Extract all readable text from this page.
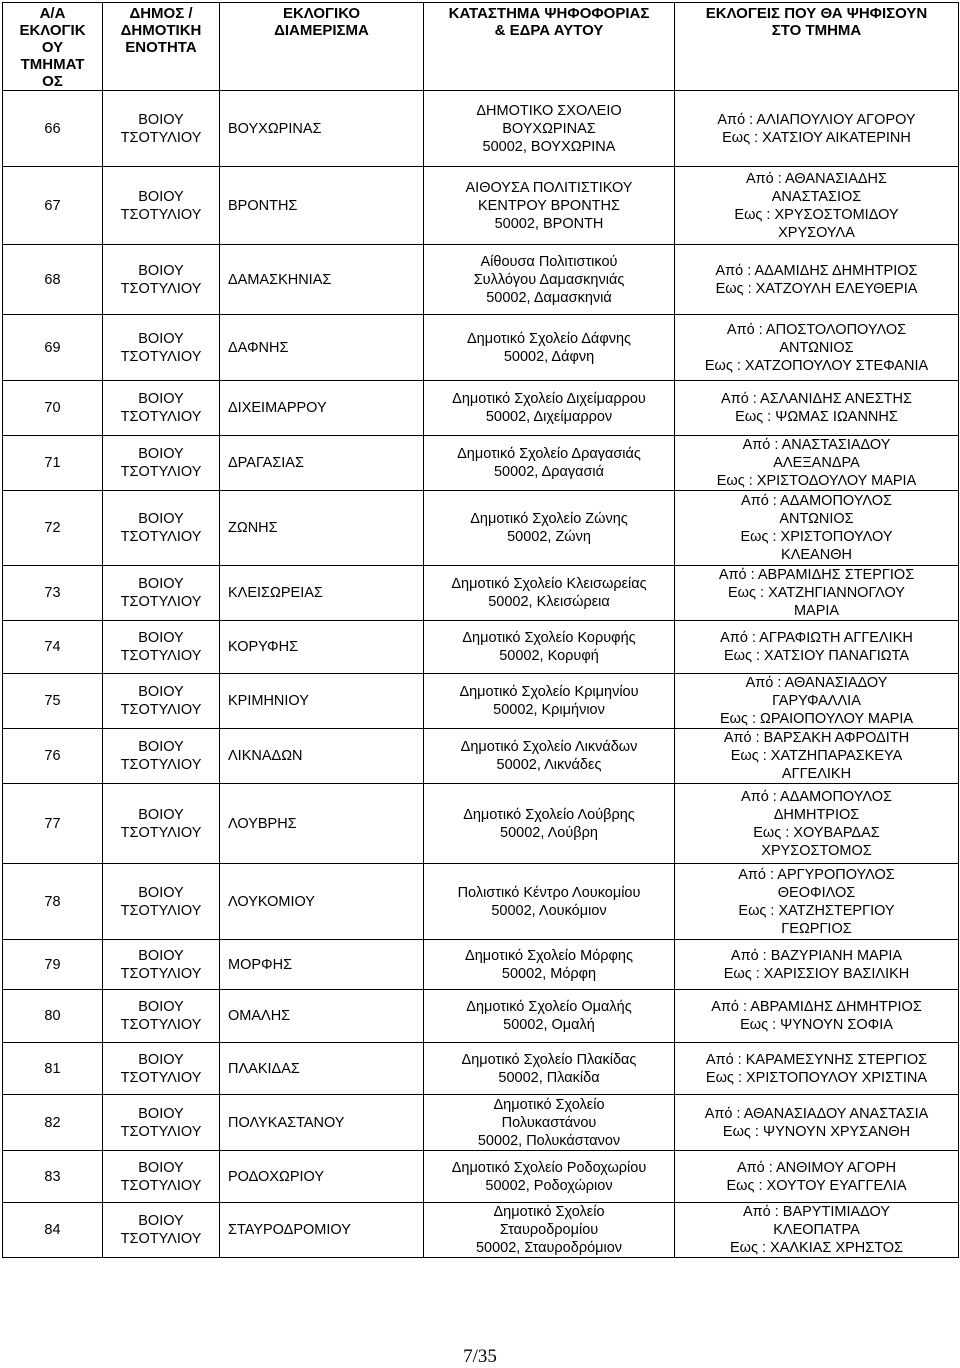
Α/Α
ΕΚΛΟΓΙΚ
ΟΥ
ΤΜΗΜΑΤ
ΟΣ	ΔΗΜΟΣ /
ΔΗΜΟΤΙΚΗ
ΕΝΟΤΗΤΑ	ΕΚΛΟΓΙΚΟ
ΔΙΑΜΕΡΙΣΜΑ	ΚΑΤΑΣΤΗΜΑ ΨΗΦΟΦΟΡΙΑΣ
& ΕΔΡΑ ΑΥΤΟΥ	ΕΚΛΟΓΕΙΣ ΠΟΥ ΘΑ ΨΗΦΙΣΟΥΝ
ΣΤΟ ΤΜΗΜΑ
66	ΒΟΙΟΥ
ΤΣΟΤΥΛΙΟΥ	ΒΟΥΧΩΡΙΝΑΣ	ΔΗΜΟΤΙΚΟ ΣΧΟΛΕΙΟ
ΒΟΥΧΩΡΙΝΑΣ
50002, ΒΟΥΧΩΡΙΝΑ	Από : ΑΛΙΑΠΟΥΛΙΟΥ ΑΓΟΡΟΥ
Εως : ΧΑΤΣΙΟΥ ΑΙΚΑΤΕΡΙΝΗ
67	ΒΟΙΟΥ
ΤΣΟΤΥΛΙΟΥ	ΒΡΟΝΤΗΣ	ΑΙΘΟΥΣΑ ΠΟΛΙΤΙΣΤΙΚΟΥ
ΚΕΝΤΡΟΥ ΒΡΟΝΤΗΣ
50002, ΒΡΟΝΤΗ	Από : ΑΘΑΝΑΣΙΑΔΗΣ
ΑΝΑΣΤΑΣΙΟΣ
Εως : ΧΡΥΣΟΣΤΟΜΙΔΟΥ
ΧΡΥΣΟΥΛΑ
68	ΒΟΙΟΥ
ΤΣΟΤΥΛΙΟΥ	ΔΑΜΑΣΚΗΝΙΑΣ	Αίθουσα Πολιτιστικού
Συλλόγου Δαμασκηνιάς
50002, Δαμασκηνιά	Από : ΑΔΑΜΙΔΗΣ ΔΗΜΗΤΡΙΟΣ
Εως : ΧΑΤΖΟΥΛΗ ΕΛΕΥΘΕΡΙΑ
69	ΒΟΙΟΥ
ΤΣΟΤΥΛΙΟΥ	ΔΑΦΝΗΣ	Δημοτικό Σχολείο Δάφνης
50002, Δάφνη	Από : ΑΠΟΣΤΟΛΟΠΟΥΛΟΣ
ΑΝΤΩΝΙΟΣ
Εως : ΧΑΤΖΟΠΟΥΛΟΥ ΣΤΕΦΑΝΙΑ
70	ΒΟΙΟΥ
ΤΣΟΤΥΛΙΟΥ	ΔΙΧΕΙΜΑΡΡΟΥ	Δημοτικό Σχολείο Διχείμαρρου
50002, Διχείμαρρον	Από : ΑΣΛΑΝΙΔΗΣ ΑΝΕΣΤΗΣ
Εως : ΨΩΜΑΣ ΙΩΑΝΝΗΣ
71	ΒΟΙΟΥ
ΤΣΟΤΥΛΙΟΥ	ΔΡΑΓΑΣΙΑΣ	Δημοτικό Σχολείο Δραγασιάς
50002, Δραγασιά	Από : ΑΝΑΣΤΑΣΙΑΔΟΥ
ΑΛΕΞΑΝΔΡΑ
Εως : ΧΡΙΣΤΟΔΟΥΛΟΥ ΜΑΡΙΑ
72	ΒΟΙΟΥ
ΤΣΟΤΥΛΙΟΥ	ΖΩΝΗΣ	Δημοτικό Σχολείο Ζώνης
50002, Ζώνη	Από : ΑΔΑΜΟΠΟΥΛΟΣ
ΑΝΤΩΝΙΟΣ
Εως : ΧΡΙΣΤΟΠΟΥΛΟΥ
ΚΛΕΑΝΘΗ
73	ΒΟΙΟΥ
ΤΣΟΤΥΛΙΟΥ	ΚΛΕΙΣΩΡΕΙΑΣ	Δημοτικό Σχολείο Κλεισωρείας
50002, Κλεισώρεια	Από : ΑΒΡΑΜΙΔΗΣ ΣΤΕΡΓΙΟΣ
Εως : ΧΑΤΖΗΓΙΑΝΝΟΓΛΟΥ
ΜΑΡΙΑ
74	ΒΟΙΟΥ
ΤΣΟΤΥΛΙΟΥ	ΚΟΡΥΦΗΣ	Δημοτικό Σχολείο Κορυφής
50002, Κορυφή	Από : ΑΓΡΑΦΙΩΤΗ ΑΓΓΕΛΙΚΗ
Εως : ΧΑΤΣΙΟΥ ΠΑΝΑΓΙΩΤΑ
75	ΒΟΙΟΥ
ΤΣΟΤΥΛΙΟΥ	ΚΡΙΜΗΝΙΟΥ	Δημοτικό Σχολείο Κριμηνίου
50002, Κριμήνιον	Από : ΑΘΑΝΑΣΙΑΔΟΥ
ΓΑΡΥΦΑΛΛΙΑ
Εως : ΩΡΑΙΟΠΟΥΛΟΥ ΜΑΡΙΑ
76	ΒΟΙΟΥ
ΤΣΟΤΥΛΙΟΥ	ΛΙΚΝΑΔΩΝ	Δημοτικό Σχολείο Λικνάδων
50002, Λικνάδες	Από : ΒΑΡΣΑΚΗ ΑΦΡΟΔΙΤΗ
Εως : ΧΑΤΖΗΠΑΡΑΣΚΕΥΑ
ΑΓΓΕΛΙΚΗ
77	ΒΟΙΟΥ
ΤΣΟΤΥΛΙΟΥ	ΛΟΥΒΡΗΣ	Δημοτικό Σχολείο Λούβρης
50002, Λούβρη	Από : ΑΔΑΜΟΠΟΥΛΟΣ
ΔΗΜΗΤΡΙΟΣ
Εως : ΧΟΥΒΑΡΔΑΣ
ΧΡΥΣΟΣΤΟΜΟΣ
78	ΒΟΙΟΥ
ΤΣΟΤΥΛΙΟΥ	ΛΟΥΚΟΜΙΟΥ	Πολιστικό Κέντρο Λουκομίου
50002, Λουκόμιον	Από : ΑΡΓΥΡΟΠΟΥΛΟΣ
ΘΕΟΦΙΛΟΣ
Εως : ΧΑΤΖΗΣΤΕΡΓΙΟΥ
ΓΕΩΡΓΙΟΣ
79	ΒΟΙΟΥ
ΤΣΟΤΥΛΙΟΥ	ΜΟΡΦΗΣ	Δημοτικό Σχολείο Μόρφης
50002, Μόρφη	Από : ΒΑΖΥΡΙΑΝΗ ΜΑΡΙΑ
Εως : ΧΑΡΙΣΣΙΟΥ ΒΑΣΙΛΙΚΗ
80	ΒΟΙΟΥ
ΤΣΟΤΥΛΙΟΥ	ΟΜΑΛΗΣ	Δημοτικό Σχολείο Ομαλής
50002, Ομαλή	Από : ΑΒΡΑΜΙΔΗΣ ΔΗΜΗΤΡΙΟΣ
Εως : ΨΥΝΟΥΝ ΣΟΦΙΑ
81	ΒΟΙΟΥ
ΤΣΟΤΥΛΙΟΥ	ΠΛΑΚΙΔΑΣ	Δημοτικό Σχολείο Πλακίδας
50002, Πλακίδα	Από : ΚΑΡΑΜΕΣΥΝΗΣ ΣΤΕΡΓΙΟΣ
Εως : ΧΡΙΣΤΟΠΟΥΛΟΥ ΧΡΙΣΤΙΝΑ
82	ΒΟΙΟΥ
ΤΣΟΤΥΛΙΟΥ	ΠΟΛΥΚΑΣΤΑΝΟΥ	Δημοτικό Σχολείο
Πολυκαστάνου
50002, Πολυκάστανον	Από : ΑΘΑΝΑΣΙΑΔΟΥ ΑΝΑΣΤΑΣΙΑ
Εως : ΨΥΝΟΥΝ ΧΡΥΣΑΝΘΗ
83	ΒΟΙΟΥ
ΤΣΟΤΥΛΙΟΥ	ΡΟΔΟΧΩΡΙΟΥ	Δημοτικό Σχολείο Ροδοχωρίου
50002, Ροδοχώριον	Από : ΑΝΘΙΜΟΥ ΑΓΟΡΗ
Εως : ΧΟΥΤΟΥ ΕΥΑΓΓΕΛΙΑ
84	ΒΟΙΟΥ
ΤΣΟΤΥΛΙΟΥ	ΣΤΑΥΡΟΔΡΟΜΙΟΥ	Δημοτικό Σχολείο
Σταυροδρομίου
50002, Σταυροδρόμιον	Από : ΒΑΡΥΤΙΜΙΑΔΟΥ
ΚΛΕΟΠΑΤΡΑ
Εως : ΧΑΛΚΙΑΣ ΧΡΗΣΤΟΣ
7/35
